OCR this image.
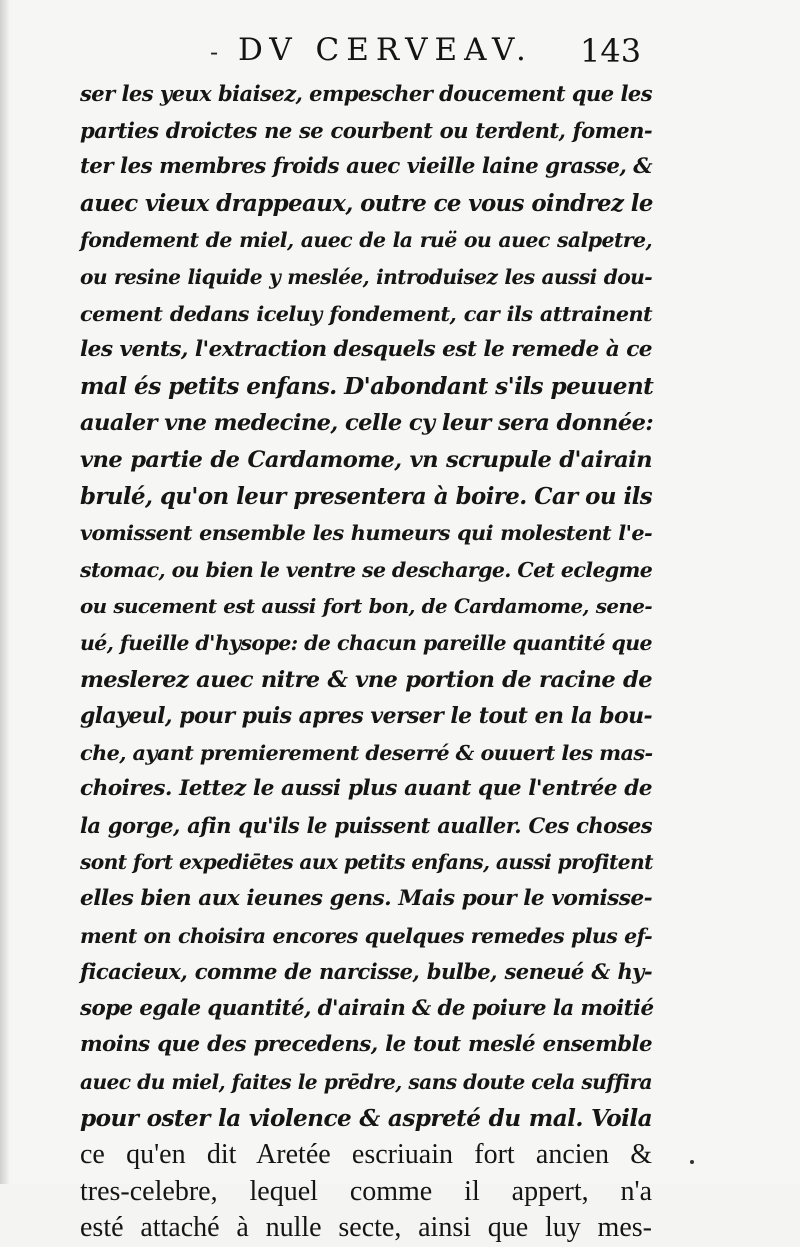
- DV CERVEAV. 143
ser les yeux biaisez, empescher doucement que les
parties droictes ne se courbent ou terdent, fomen-
ter les membres froids auec vieille laine grasse, &
auec vieux drappeaux, outre ce vous oindrez le
fondement de miel, auec de la ruë ou auec salpetre,
ou resine liquide y meslée, introduisez les aussi dou-
cement dedans iceluy fondement, car ils attrainent
les vents, l'extraction desquels est le remede à ce
mal és petits enfans. D'abondant s'ils peuuent
aualer vne medecine, celle cy leur sera donnée:
vne partie de Cardamome, vn scrupule d'airain
brulé, qu'on leur presentera à boire. Car ou ils
vomissent ensemble les humeurs qui molestent l'e-
stomac, ou bien le ventre se descharge. Cet eclegme
ou sucement est aussi fort bon, de Cardamome, sene-
ué, fueille d'hysope: de chacun pareille quantité que
meslerez auec nitre & vne portion de racine de
glayeul, pour puis apres verser le tout en la bou-
che, ayant premierement deserré & ouuert les mas-
choires. Iettez le aussi plus auant que l'entrée de
la gorge, afin qu'ils le puissent aualler. Ces choses
sont fort expediētes aux petits enfans, aussi profitent
elles bien aux ieunes gens. Mais pour le vomisse-
ment on choisira encores quelques remedes plus ef-
ficacieux, comme de narcisse, bulbe, seneué & hy-
sope egale quantité, d'airain & de poiure la moitié
moins que des precedens, le tout meslé ensemble
auec du miel, faites le prēdre, sans doute cela suffira
pour oster la violence & aspreté du mal. Voila
ce qu'en dit Aretée escriuain fort ancien &
tres-celebre, lequel comme il appert, n'a
esté attaché à nulle secte, ainsi que luy mes-
